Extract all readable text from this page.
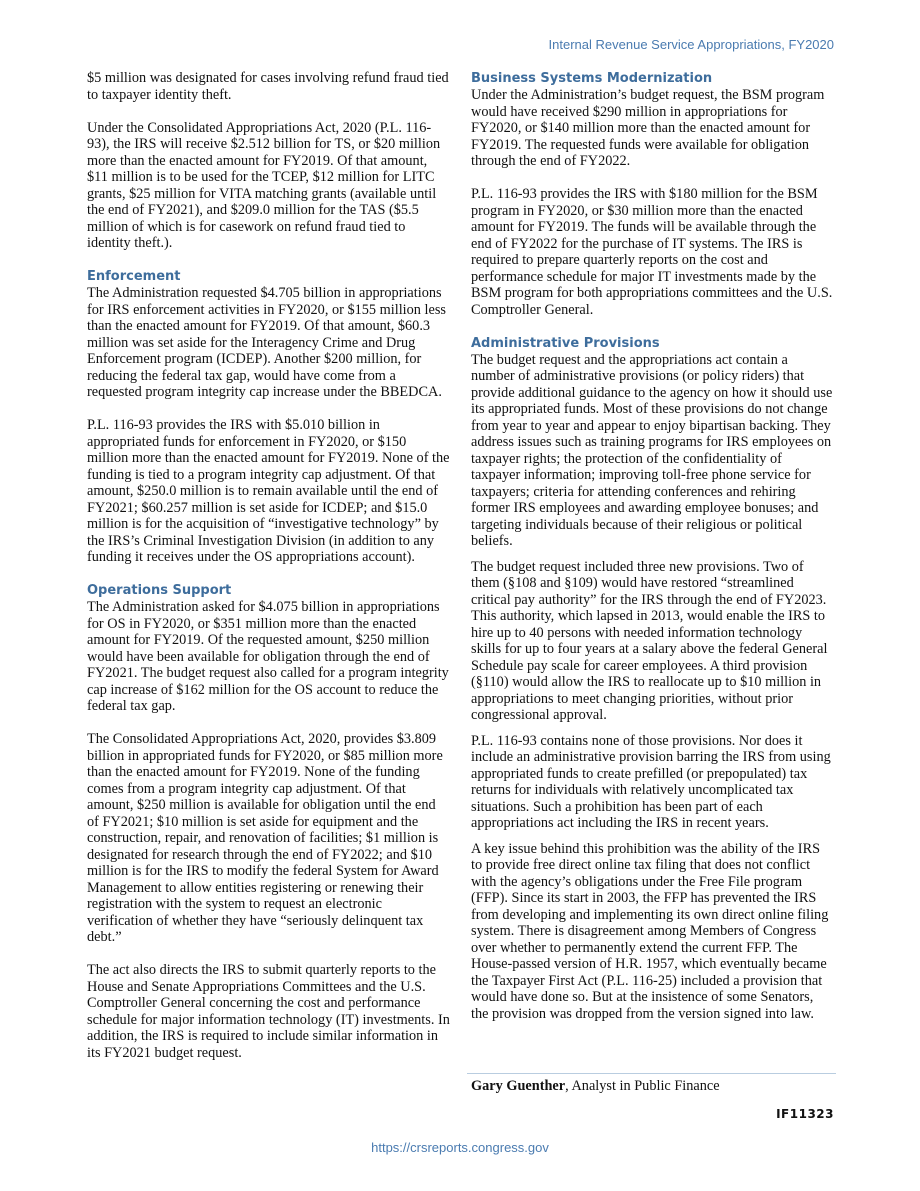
Internal Revenue Service Appropriations, FY2020

$5 million was designated for cases involving refund fraud tied to taxpayer identity theft.

Under the Consolidated Appropriations Act, 2020 (P.L. 116-93), the IRS will receive $2.512 billion for TS, or $20 million more than the enacted amount for FY2019. Of that amount, $11 million is to be used for the TCEP, $12 million for LITC grants, $25 million for VITA matching grants (available until the end of FY2021), and $209.0 million for the TAS ($5.5 million of which is for casework on refund fraud tied to identity theft.).

Enforcement

The Administration requested $4.705 billion in appropriations for IRS enforcement activities in FY2020, or $155 million less than the enacted amount for FY2019. Of that amount, $60.3 million was set aside for the Interagency Crime and Drug Enforcement program (ICDEP). Another $200 million, for reducing the federal tax gap, would have come from a requested program integrity cap increase under the BBEDCA.

P.L. 116-93 provides the IRS with $5.010 billion in appropriated funds for enforcement in FY2020, or $150 million more than the enacted amount for FY2019. None of the funding is tied to a program integrity cap adjustment. Of that amount, $250.0 million is to remain available until the end of FY2021; $60.257 million is set aside for ICDEP; and $15.0 million is for the acquisition of “investigative technology” by the IRS’s Criminal Investigation Division (in addition to any funding it receives under the OS appropriations account).

Operations Support

The Administration asked for $4.075 billion in appropriations for OS in FY2020, or $351 million more than the enacted amount for FY2019. Of the requested amount, $250 million would have been available for obligation through the end of FY2021. The budget request also called for a program integrity cap increase of $162 million for the OS account to reduce the federal tax gap.

The Consolidated Appropriations Act, 2020, provides $3.809 billion in appropriated funds for FY2020, or $85 million more than the enacted amount for FY2019. None of the funding comes from a program integrity cap adjustment. Of that amount, $250 million is available for obligation until the end of FY2021; $10 million is set aside for equipment and the construction, repair, and renovation of facilities; $1 million is designated for research through the end of FY2022; and $10 million is for the IRS to modify the federal System for Award Management to allow entities registering or renewing their registration with the system to request an electronic verification of whether they have “seriously delinquent tax debt.”

The act also directs the IRS to submit quarterly reports to the House and Senate Appropriations Committees and the U.S. Comptroller General concerning the cost and performance schedule for major information technology (IT) investments. In addition, the IRS is required to include similar information in its FY2021 budget request.

Business Systems Modernization

Under the Administration’s budget request, the BSM program would have received $290 million in appropriations for FY2020, or $140 million more than the enacted amount for FY2019. The requested funds were available for obligation through the end of FY2022.

P.L. 116-93 provides the IRS with $180 million for the BSM program in FY2020, or $30 million more than the enacted amount for FY2019. The funds will be available through the end of FY2022 for the purchase of IT systems. The IRS is required to prepare quarterly reports on the cost and performance schedule for major IT investments made by the BSM program for both appropriations committees and the U.S. Comptroller General.

Administrative Provisions

The budget request and the appropriations act contain a number of administrative provisions (or policy riders) that provide additional guidance to the agency on how it should use its appropriated funds. Most of these provisions do not change from year to year and appear to enjoy bipartisan backing. They address issues such as training programs for IRS employees on taxpayer rights; the protection of the confidentiality of taxpayer information; improving toll-free phone service for taxpayers; criteria for attending conferences and rehiring former IRS employees and awarding employee bonuses; and targeting individuals because of their religious or political beliefs.

The budget request included three new provisions. Two of them (§108 and §109) would have restored “streamlined critical pay authority” for the IRS through the end of FY2023. This authority, which lapsed in 2013, would enable the IRS to hire up to 40 persons with needed information technology skills for up to four years at a salary above the federal General Schedule pay scale for career employees. A third provision (§110) would allow the IRS to reallocate up to $10 million in appropriations to meet changing priorities, without prior congressional approval.

P.L. 116-93 contains none of those provisions. Nor does it include an administrative provision barring the IRS from using appropriated funds to create prefilled (or prepopulated) tax returns for individuals with relatively uncomplicated tax situations. Such a prohibition has been part of each appropriations act including the IRS in recent years.

A key issue behind this prohibition was the ability of the IRS to provide free direct online tax filing that does not conflict with the agency’s obligations under the Free File program (FFP). Since its start in 2003, the FFP has prevented the IRS from developing and implementing its own direct online filing system. There is disagreement among Members of Congress over whether to permanently extend the current FFP. The House-passed version of H.R. 1957, which eventually became the Taxpayer First Act (P.L. 116-25) included a provision that would have done so. But at the insistence of some Senators, the provision was dropped from the version signed into law.

Gary Guenther, Analyst in Public Finance
IF11323
https://crsreports.congress.gov
